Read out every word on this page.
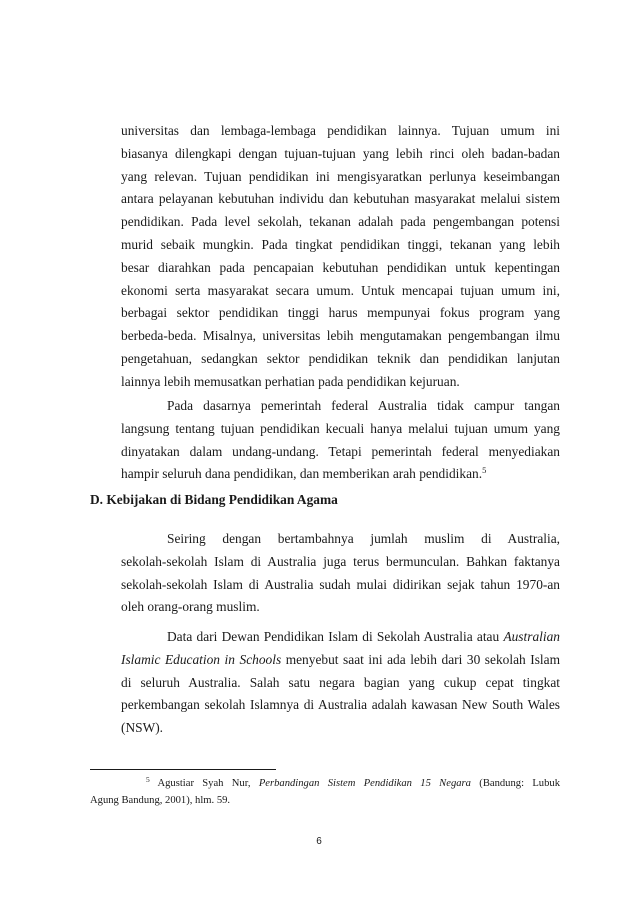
universitas dan lembaga-lembaga pendidikan lainnya. Tujuan umum ini
biasanya dilengkapi dengan tujuan-tujuan yang lebih rinci oleh badan-badan
yang relevan. Tujuan pendidikan ini mengisyaratkan perlunya keseimbangan
antara pelayanan kebutuhan individu dan kebutuhan masyarakat melalui sistem
pendidikan. Pada level sekolah, tekanan adalah pada pengembangan potensi
murid sebaik mungkin. Pada tingkat pendidikan tinggi, tekanan yang lebih
besar diarahkan pada pencapaian kebutuhan pendidikan untuk kepentingan
ekonomi serta masyarakat secara umum. Untuk mencapai tujuan umum ini,
berbagai sektor pendidikan tinggi harus mempunyai fokus program yang
berbeda-beda. Misalnya, universitas lebih mengutamakan pengembangan ilmu
pengetahuan, sedangkan sektor pendidikan teknik dan pendidikan lanjutan
lainnya lebih memusatkan perhatian pada pendidikan kejuruan.
Pada dasarnya pemerintah federal Australia tidak campur tangan
langsung tentang tujuan pendidikan kecuali hanya melalui tujuan umum yang
dinyatakan dalam undang-undang. Tetapi pemerintah federal menyediakan
hampir seluruh dana pendidikan, dan memberikan arah pendidikan.$^5$
D. Kebijakan di Bidang Pendidikan Agama
Seiring dengan bertambahnya jumlah muslim di Australia,
sekolah-sekolah Islam di Australia juga terus bermunculan. Bahkan faktanya
sekolah-sekolah Islam di Australia sudah mulai didirikan sejak tahun 1970-an
oleh orang-orang muslim.
Data dari Dewan Pendidikan Islam di Sekolah Australia atau Australian
Islamic Education in Schools menyebut saat ini ada lebih dari 30 sekolah Islam
di seluruh Australia. Salah satu negara bagian yang cukup cepat tingkat
perkembangan sekolah Islamnya di Australia adalah kawasan New South Wales
(NSW).
$^5$ Agustiar Syah Nur, Perbandingan Sistem Pendidikan 15 Negara (Bandung: Lubuk
Agung Bandung, 2001), hlm. 59.
6
